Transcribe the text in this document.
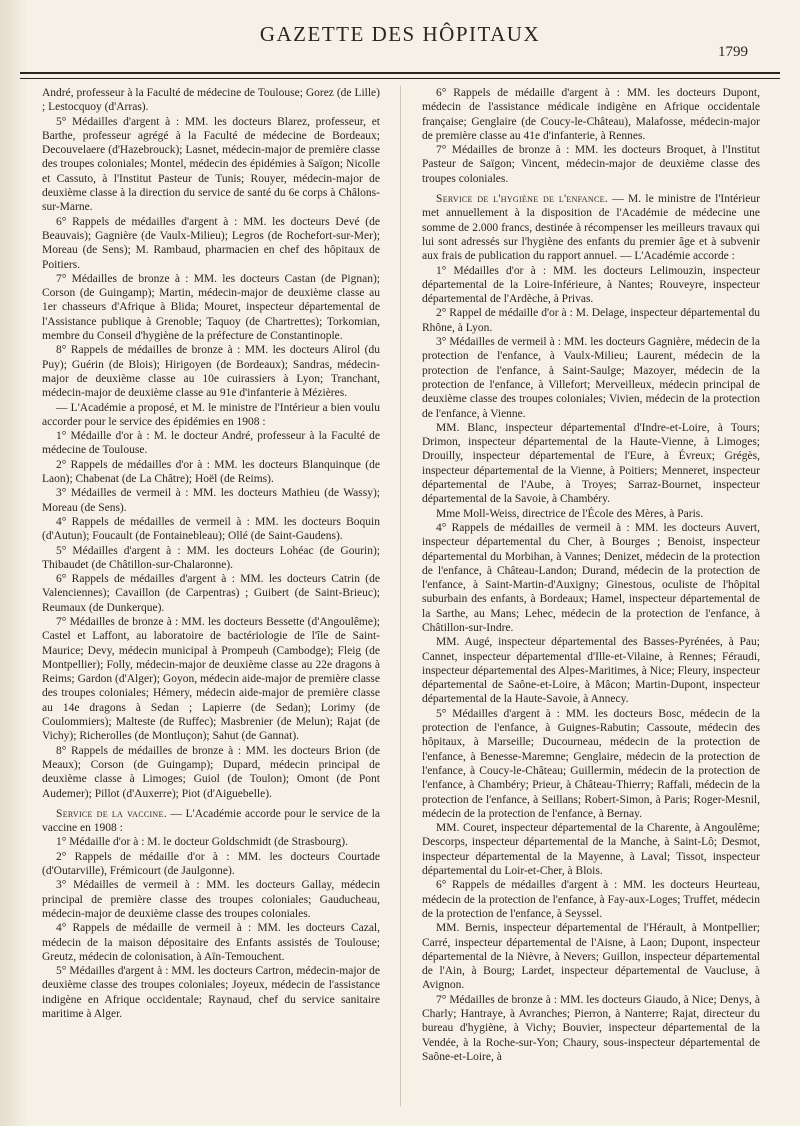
GAZETTE DES HÔPITAUX
1799

André, professeur à la Faculté de médecine de Toulouse; Gorez (de Lille) ; Lestocquoy (d'Arras).

5° Médailles d'argent à : MM. les docteurs Blarez, professeur, et Barthe, professeur agrégé à la Faculté de médecine de Bordeaux; Decouvelaere (d'Hazebrouck); Lasnet, médecin-major de première classe des troupes coloniales; Montel, médecin des épidémies à Saïgon; Nicolle et Cassuto, à l'Institut Pasteur de Tunis; Rouyer, médecin-major de deuxième classe à la direction du service de santé du 6e corps à Châlons-sur-Marne.

6° Rappels de médailles d'argent à : MM. les docteurs Devé (de Beauvais); Gagnière (de Vaulx-Milieu); Legros (de Rochefort-sur-Mer); Moreau (de Sens); M. Rambaud, pharmacien en chef des hôpitaux de Poitiers.

7° Médailles de bronze à : MM. les docteurs Castan (de Pignan); Corson (de Guingamp); Martin, médecin-major de deuxième classe au 1er chasseurs d'Afrique à Blida; Mouret, inspecteur départemental de l'Assistance publique à Grenoble; Taquoy (de Chartrettes); Torkomian, membre du Conseil d'hygiène de la préfecture de Constantinople.

8° Rappels de médailles de bronze à : MM. les docteurs Alirol (du Puy); Guérin (de Blois); Hirigoyen (de Bordeaux); Sandras, médecin-major de deuxième classe au 10e cuirassiers à Lyon; Tranchant, médecin-major de deuxième classe au 91e d'infanterie à Mézières.

— L'Académie a proposé, et M. le ministre de l'Intérieur a bien voulu accorder pour le service des épidémies en 1908 :

1° Médaille d'or à : M. le docteur André, professeur à la Faculté de médecine de Toulouse.

2° Rappels de médailles d'or à : MM. les docteurs Blanquinque (de Laon); Chabenat (de La Châtre); Hoël (de Reims).

3° Médailles de vermeil à : MM. les docteurs Mathieu (de Wassy); Moreau (de Sens).

4° Rappels de médailles de vermeil à : MM. les docteurs Boquin (d'Autun); Foucault (de Fontainebleau); Ollé (de Saint-Gaudens).

5° Médailles d'argent à : MM. les docteurs Lohéac (de Gourin); Thibaudet (de Châtillon-sur-Chalaronne).

6° Rappels de médailles d'argent à : MM. les docteurs Catrin (de Valenciennes); Cavaillon (de Carpentras) ; Guibert (de Saint-Brieuc); Reumaux (de Dunkerque).

7° Médailles de bronze à : MM. les docteurs Bessette (d'Angoulême); Castel et Laffont, au laboratoire de bactériologie de l'île de Saint-Maurice; Devy, médecin municipal à Prompeuh (Cambodge); Fleig (de Montpellier); Folly, médecin-major de deuxième classe au 22e dragons à Reims; Gardon (d'Alger); Goyon, médecin aide-major de première classe des troupes coloniales; Hémery, médecin aide-major de première classe au 14e dragons à Sedan ; Lapierre (de Sedan); Lorimy (de Coulommiers); Malteste (de Ruffec); Masbrenier (de Melun); Rajat (de Vichy); Richerolles (de Montluçon); Sahut (de Gannat).

8° Rappels de médailles de bronze à : MM. les docteurs Brion (de Meaux); Corson (de Guingamp); Dupard, médecin principal de deuxième classe à Limoges; Guiol (de Toulon); Omont (de Pont Audemer); Pillot (d'Auxerre); Piot (d'Aiguebelle).

Service de la vaccine. — L'Académie accorde pour le service de la vaccine en 1908 :

1° Médaille d'or à : M. le docteur Goldschmidt (de Strasbourg).

2° Rappels de médaille d'or à : MM. les docteurs Courtade (d'Outarville), Frémicourt (de Jaulgonne).

3° Médailles de vermeil à : MM. les docteurs Gallay, médecin principal de première classe des troupes coloniales; Gauducheau, médecin-major de deuxième classe des troupes coloniales.

4° Rappels de médaille de vermeil à : MM. les docteurs Cazal, médecin de la maison dépositaire des Enfants assistés de Toulouse; Greutz, médecin de colonisation, à Aïn-Temouchent.

5° Médailles d'argent à : MM. les docteurs Cartron, médecin-major de deuxième classe des troupes coloniales; Joyeux, médecin de l'assistance indigène en Afrique occidentale; Raynaud, chef du service sanitaire maritime à Alger.

6° Rappels de médaille d'argent à : MM. les docteurs Dupont, médecin de l'assistance médicale indigène en Afrique occidentale française; Genglaire (de Coucy-le-Château), Malafosse, médecin-major de première classe au 41e d'infanterie, à Rennes.

7° Médailles de bronze à : MM. les docteurs Broquet, à l'Institut Pasteur de Saïgon; Vincent, médecin-major de deuxième classe des troupes coloniales.

Service de l'hygiène de l'enfance. — M. le ministre de l'Intérieur met annuellement à la disposition de l'Académie de médecine une somme de 2.000 francs, destinée à récompenser les meilleurs travaux qui lui sont adressés sur l'hygiène des enfants du premier âge et à subvenir aux frais de publication du rapport annuel. — L'Académie accorde :

1° Médailles d'or à : MM. les docteurs Lelimouzin, inspecteur départemental de la Loire-Inférieure, à Nantes; Rouveyre, inspecteur départemental de l'Ardèche, à Privas.

2° Rappel de médaille d'or à : M. Delage, inspecteur départemental du Rhône, à Lyon.

3° Médailles de vermeil à : MM. les docteurs Gagnière, médecin de la protection de l'enfance, à Vaulx-Milieu; Laurent, médecin de la protection de l'enfance, à Saint-Saulge; Mazoyer, médecin de la protection de l'enfance, à Villefort; Merveilleux, médecin principal de deuxième classe des troupes coloniales; Vivien, médecin de la protection de l'enfance, à Vienne.

MM. Blanc, inspecteur départemental d'Indre-et-Loire, à Tours; Drimon, inspecteur départemental de la Haute-Vienne, à Limoges; Drouilly, inspecteur départemental de l'Eure, à Évreux; Grégès, inspecteur départemental de la Vienne, à Poitiers; Menneret, inspecteur départemental de l'Aube, à Troyes; Sarraz-Bournet, inspecteur départemental de la Savoie, à Chambéry.

Mme Moll-Weiss, directrice de l'École des Mères, à Paris.

4° Rappels de médailles de vermeil à : MM. les docteurs Auvert, inspecteur départemental du Cher, à Bourges ; Benoist, inspecteur départemental du Morbihan, à Vannes; Denizet, médecin de la protection de l'enfance, à Château-Landon; Durand, médecin de la protection de l'enfance, à Saint-Martin-d'Auxigny; Ginestous, oculiste de l'hôpital suburbain des enfants, à Bordeaux; Hamel, inspecteur départemental de la Sarthe, au Mans; Lehec, médecin de la protection de l'enfance, à Châtillon-sur-Indre.

MM. Augé, inspecteur départemental des Basses-Pyrénées, à Pau; Cannet, inspecteur départemental d'Ille-et-Vilaine, à Rennes; Féraudi, inspecteur départemental des Alpes-Maritimes, à Nice; Fleury, inspecteur départemental de Saône-et-Loire, à Mâcon; Martin-Dupont, inspecteur départemental de la Haute-Savoie, à Annecy.

5° Médailles d'argent à : MM. les docteurs Bosc, médecin de la protection de l'enfance, à Guignes-Rabutin; Cassoute, médecin des hôpitaux, à Marseille; Ducourneau, médecin de la protection de l'enfance, à Benesse-Maremne; Genglaire, médecin de la protection de l'enfance, à Coucy-le-Château; Guillermin, médecin de la protection de l'enfance, à Chambéry; Prieur, à Château-Thierry; Raffali, médecin de la protection de l'enfance, à Seillans; Robert-Simon, à Paris; Roger-Mesnil, médecin de la protection de l'enfance, à Bernay.

MM. Couret, inspecteur départemental de la Charente, à Angoulême; Descorps, inspecteur départemental de la Manche, à Saint-Lô; Desmot, inspecteur départemental de la Mayenne, à Laval; Tissot, inspecteur départemental du Loir-et-Cher, à Blois.

6° Rappels de médailles d'argent à : MM. les docteurs Heurteau, médecin de la protection de l'enfance, à Fay-aux-Loges; Truffet, médecin de la protection de l'enfance, à Seyssel.

MM. Bernis, inspecteur départemental de l'Hérault, à Montpellier; Carré, inspecteur départemental de l'Aisne, à Laon; Dupont, inspecteur départemental de la Nièvre, à Nevers; Guillon, inspecteur départemental de l'Ain, à Bourg; Lardet, inspecteur départemental de Vaucluse, à Avignon.

7° Médailles de bronze à : MM. les docteurs Giaudo, à Nice; Denys, à Charly; Hantraye, à Avranches; Pierron, à Nanterre; Rajat, directeur du bureau d'hygiène, à Vichy; Bouvier, inspecteur départemental de la Vendée, à la Roche-sur-Yon; Chaury, sous-inspecteur départemental de Saône-et-Loire, à
